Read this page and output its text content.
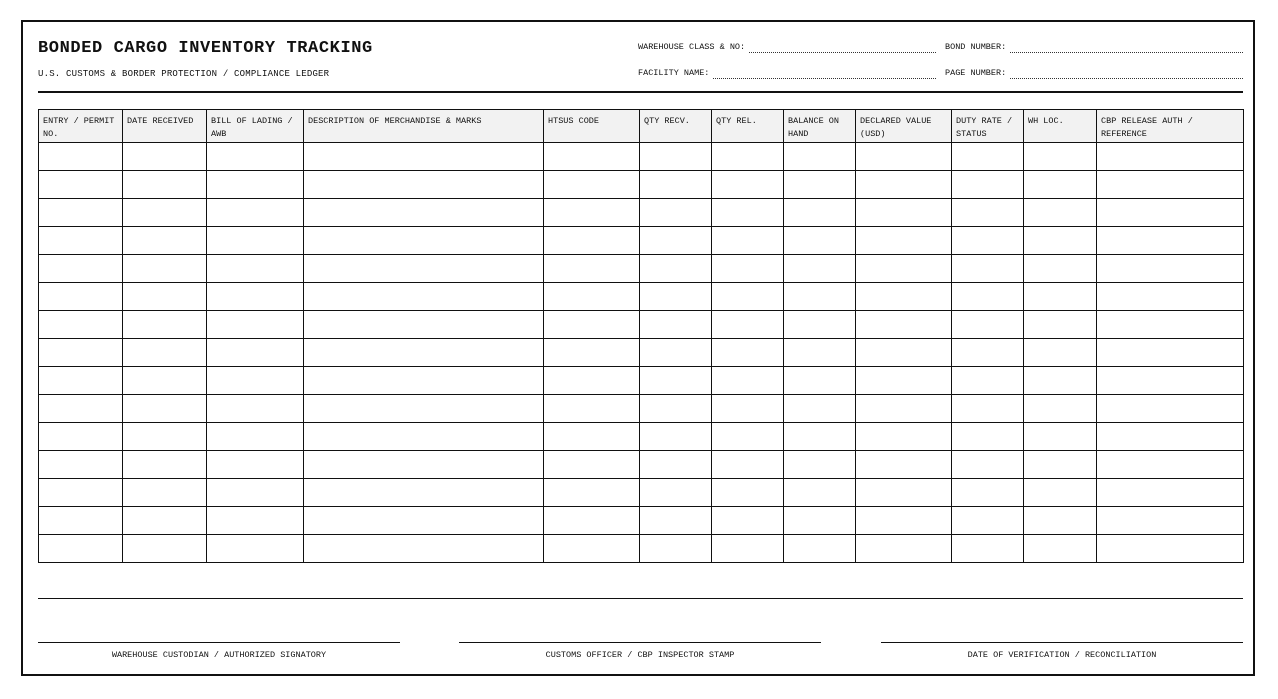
BONDED CARGO INVENTORY TRACKING
U.S. CUSTOMS & BORDER PROTECTION / COMPLIANCE LEDGER
WAREHOUSE CLASS & NO:	BOND NUMBER:
FACILITY NAME:	PAGE NUMBER:
ENTRY / PERMIT NO.	DATE RECEIVED	BILL OF LADING / AWB	DESCRIPTION OF MERCHANDISE & MARKS	HTSUS CODE	QTY RECV.	QTY REL.	BALANCE ON HAND	DECLARED VALUE (USD)	DUTY RATE / STATUS	WH LOC.	CBP RELEASE AUTH / REFERENCE

WAREHOUSE CUSTODIAN / AUTHORIZED SIGNATORY	CUSTOMS OFFICER / CBP INSPECTOR STAMP	DATE OF VERIFICATION / RECONCILIATION
